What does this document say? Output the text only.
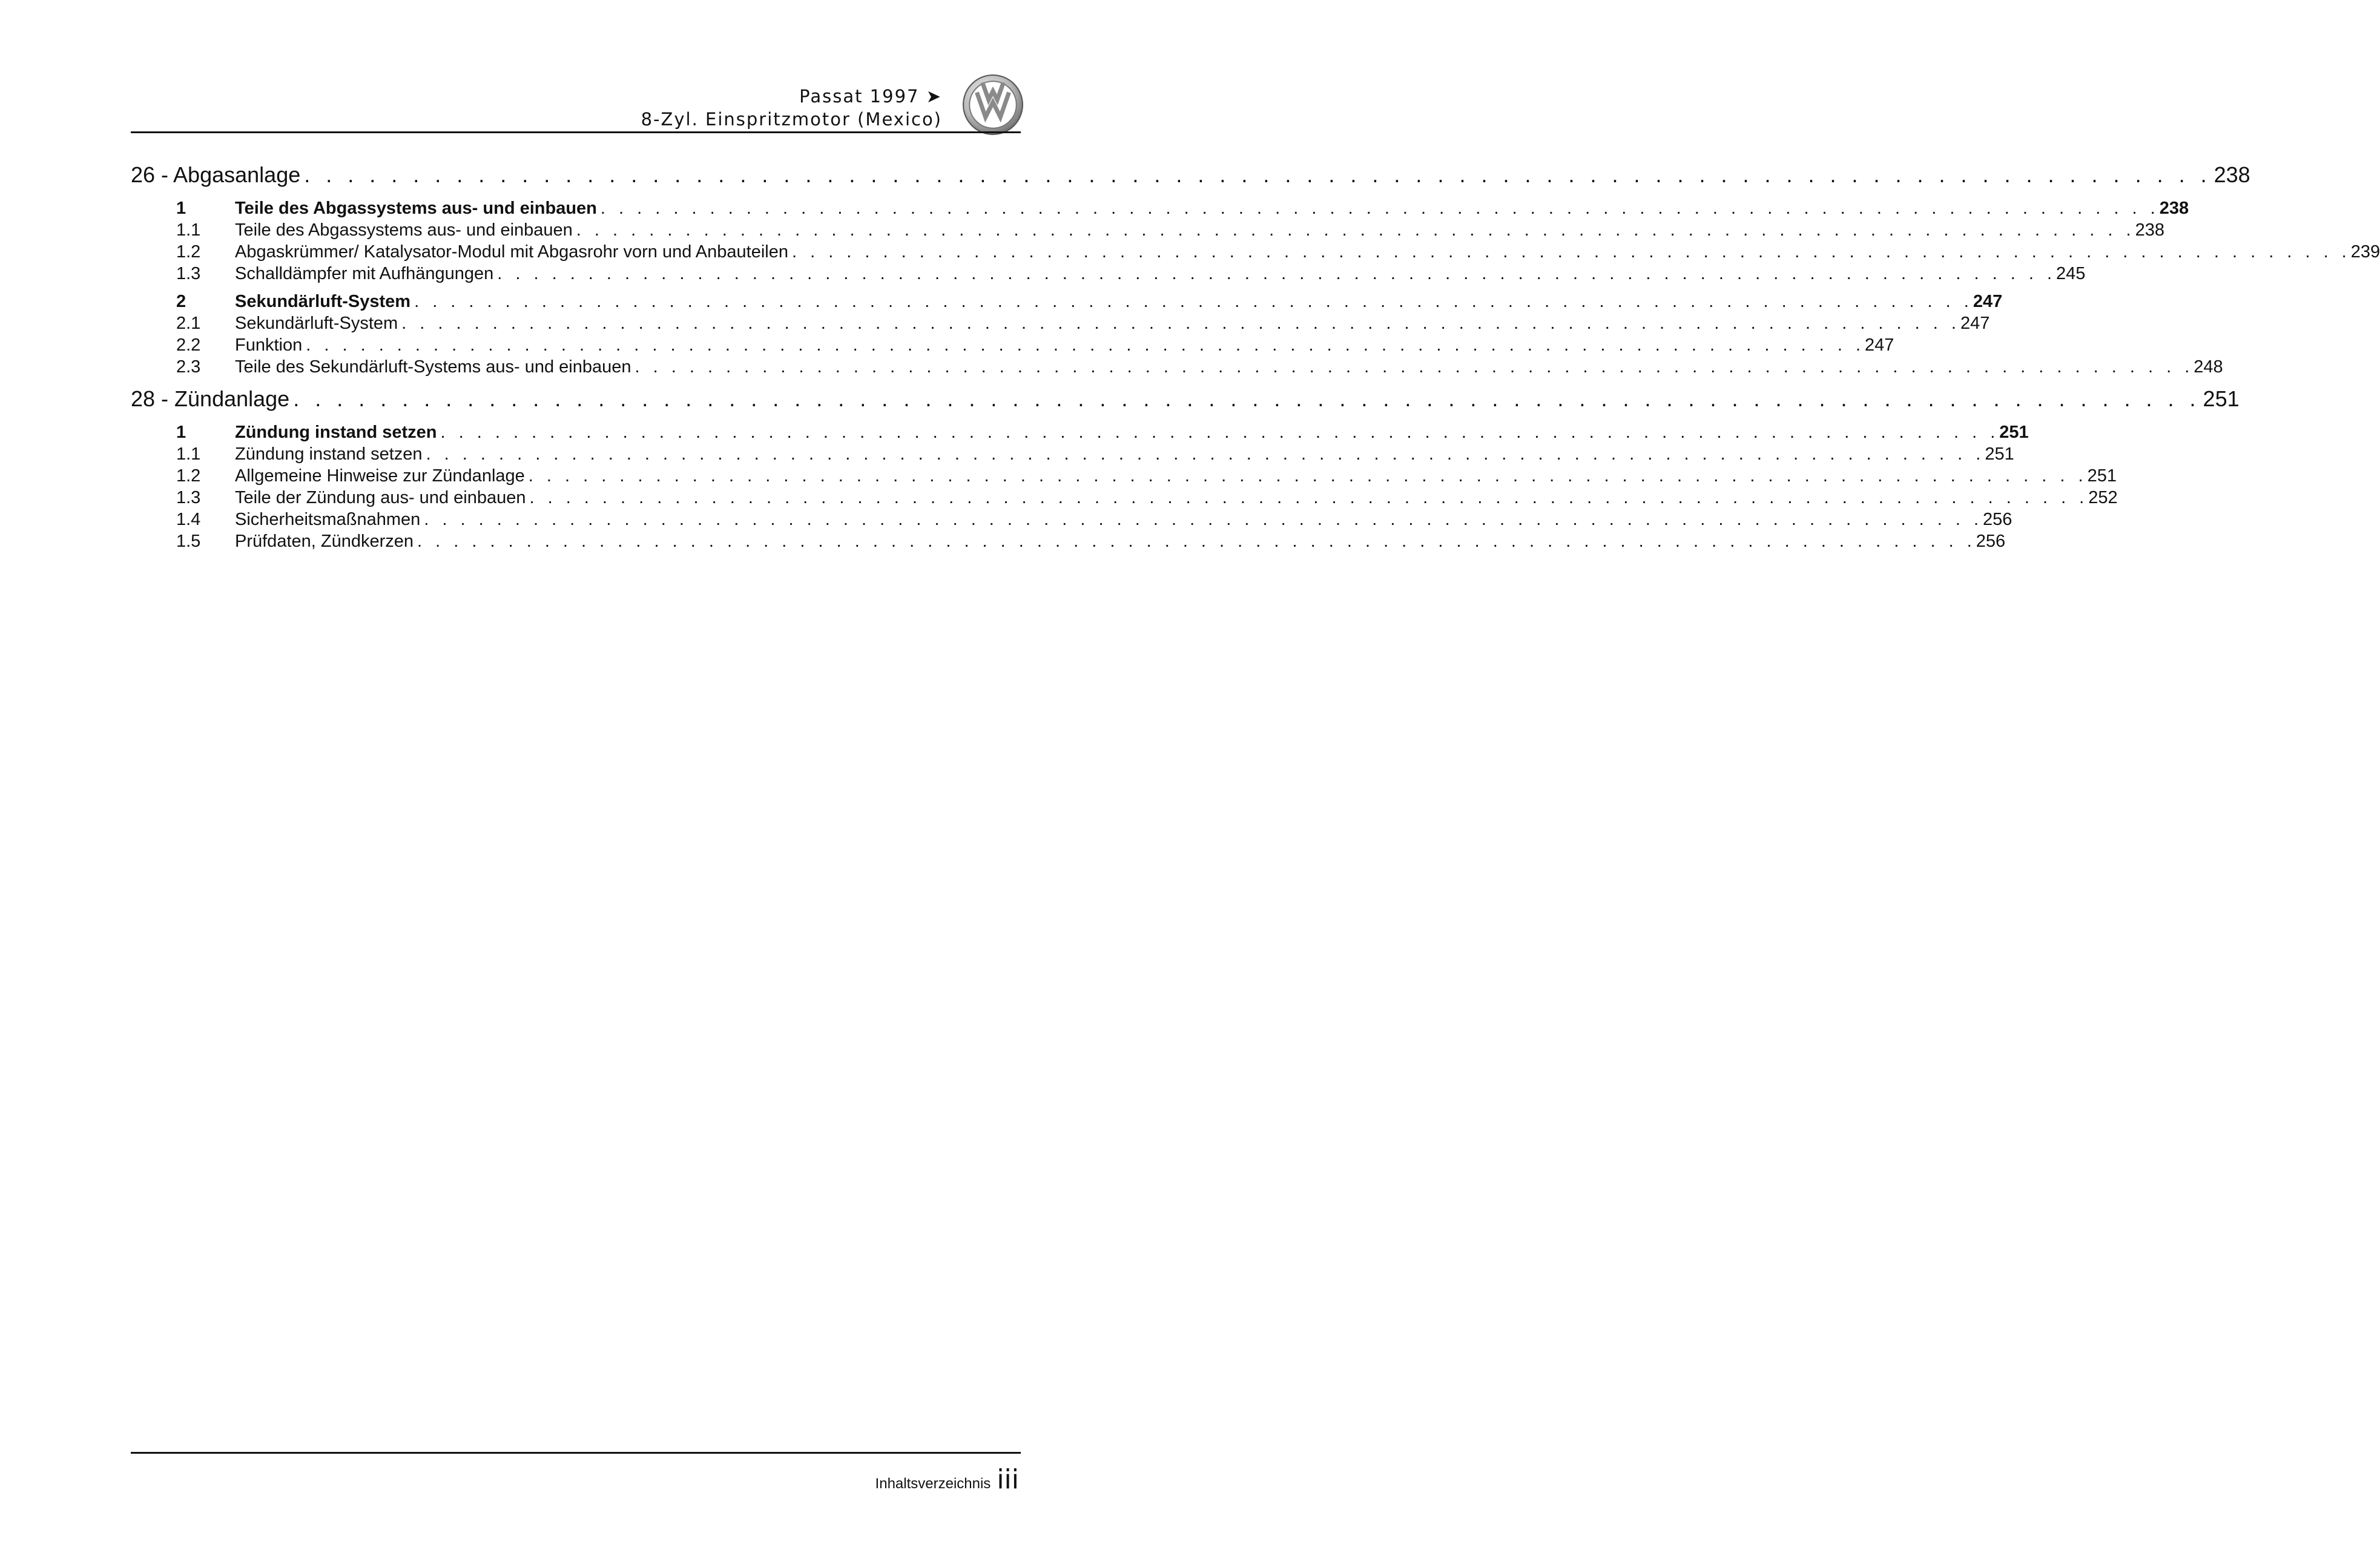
Passat 1997 ➤
8-Zyl. Einspritzmotor (Mexico)
26 - Abgasanlage . . . . . . . . . . . . . . . . . . . . . . . . . . . . . . . . . . . . . . . . . . . . . . . . . . . . . . . . . . . . . . . . . . . . . . . . . . . . . . . . . . . . . . . . 238
1	Teile des Abgassystems aus- und einbauen . . . . . . . . . . . . . . . . . . . . . . . . . . . . . . . . . . . . . . . . . . . . . . . . . . . . . . . . . . . . . . . . . . . . . . . . . . . . . . . . . . . . . . 238
1.1	Teile des Abgassystems aus- und einbauen . . . . . . . . . . . . . . . . . . . . . . . . . . . . . . . . . . . . . . . . . . . . . . . . . . . . . . . . . . . . . . . . . . . . . . . . . . . . . . . . . . . . . . 238
1.2	Abgaskrümmer/ Katalysator-Modul mit Abgasrohr vorn und Anbauteilen . . . . . . . . . . . . . . . . . . . . . . . . . . . . . . . . . . . . . . . . . . . . . . . . . . . . . . . . . . . . . . . . . . . . . . . . . . . . . . . . . . . . . . 239
1.3	Schalldämpfer mit Aufhängungen . . . . . . . . . . . . . . . . . . . . . . . . . . . . . . . . . . . . . . . . . . . . . . . . . . . . . . . . . . . . . . . . . . . . . . . . . . . . . . . . . . . . . . 245
2	Sekundärluft-System . . . . . . . . . . . . . . . . . . . . . . . . . . . . . . . . . . . . . . . . . . . . . . . . . . . . . . . . . . . . . . . . . . . . . . . . . . . . . . . . . . . . . . 247
2.1	Sekundärluft-System . . . . . . . . . . . . . . . . . . . . . . . . . . . . . . . . . . . . . . . . . . . . . . . . . . . . . . . . . . . . . . . . . . . . . . . . . . . . . . . . . . . . . . 247
2.2	Funktion . . . . . . . . . . . . . . . . . . . . . . . . . . . . . . . . . . . . . . . . . . . . . . . . . . . . . . . . . . . . . . . . . . . . . . . . . . . . . . . . . . . . . . 247
2.3	Teile des Sekundärluft-Systems aus- und einbauen . . . . . . . . . . . . . . . . . . . . . . . . . . . . . . . . . . . . . . . . . . . . . . . . . . . . . . . . . . . . . . . . . . . . . . . . . . . . . . . . . . . . . . 248
28 - Zündanlage . . . . . . . . . . . . . . . . . . . . . . . . . . . . . . . . . . . . . . . . . . . . . . . . . . . . . . . . . . . . . . . . . . . . . . . . . . . . . . . . . . . . . . . . 251
1	Zündung instand setzen . . . . . . . . . . . . . . . . . . . . . . . . . . . . . . . . . . . . . . . . . . . . . . . . . . . . . . . . . . . . . . . . . . . . . . . . . . . . . . . . . . . . . . 251
1.1	Zündung instand setzen . . . . . . . . . . . . . . . . . . . . . . . . . . . . . . . . . . . . . . . . . . . . . . . . . . . . . . . . . . . . . . . . . . . . . . . . . . . . . . . . . . . . . . 251
1.2	Allgemeine Hinweise zur Zündanlage . . . . . . . . . . . . . . . . . . . . . . . . . . . . . . . . . . . . . . . . . . . . . . . . . . . . . . . . . . . . . . . . . . . . . . . . . . . . . . . . . . . . . . 251
1.3	Teile der Zündung aus- und einbauen . . . . . . . . . . . . . . . . . . . . . . . . . . . . . . . . . . . . . . . . . . . . . . . . . . . . . . . . . . . . . . . . . . . . . . . . . . . . . . . . . . . . . . 252
1.4	Sicherheitsmaßnahmen . . . . . . . . . . . . . . . . . . . . . . . . . . . . . . . . . . . . . . . . . . . . . . . . . . . . . . . . . . . . . . . . . . . . . . . . . . . . . . . . . . . . . . 256
1.5	Prüfdaten, Zündkerzen . . . . . . . . . . . . . . . . . . . . . . . . . . . . . . . . . . . . . . . . . . . . . . . . . . . . . . . . . . . . . . . . . . . . . . . . . . . . . . . . . . . . . . 256
Inhaltsverzeichnis iii
